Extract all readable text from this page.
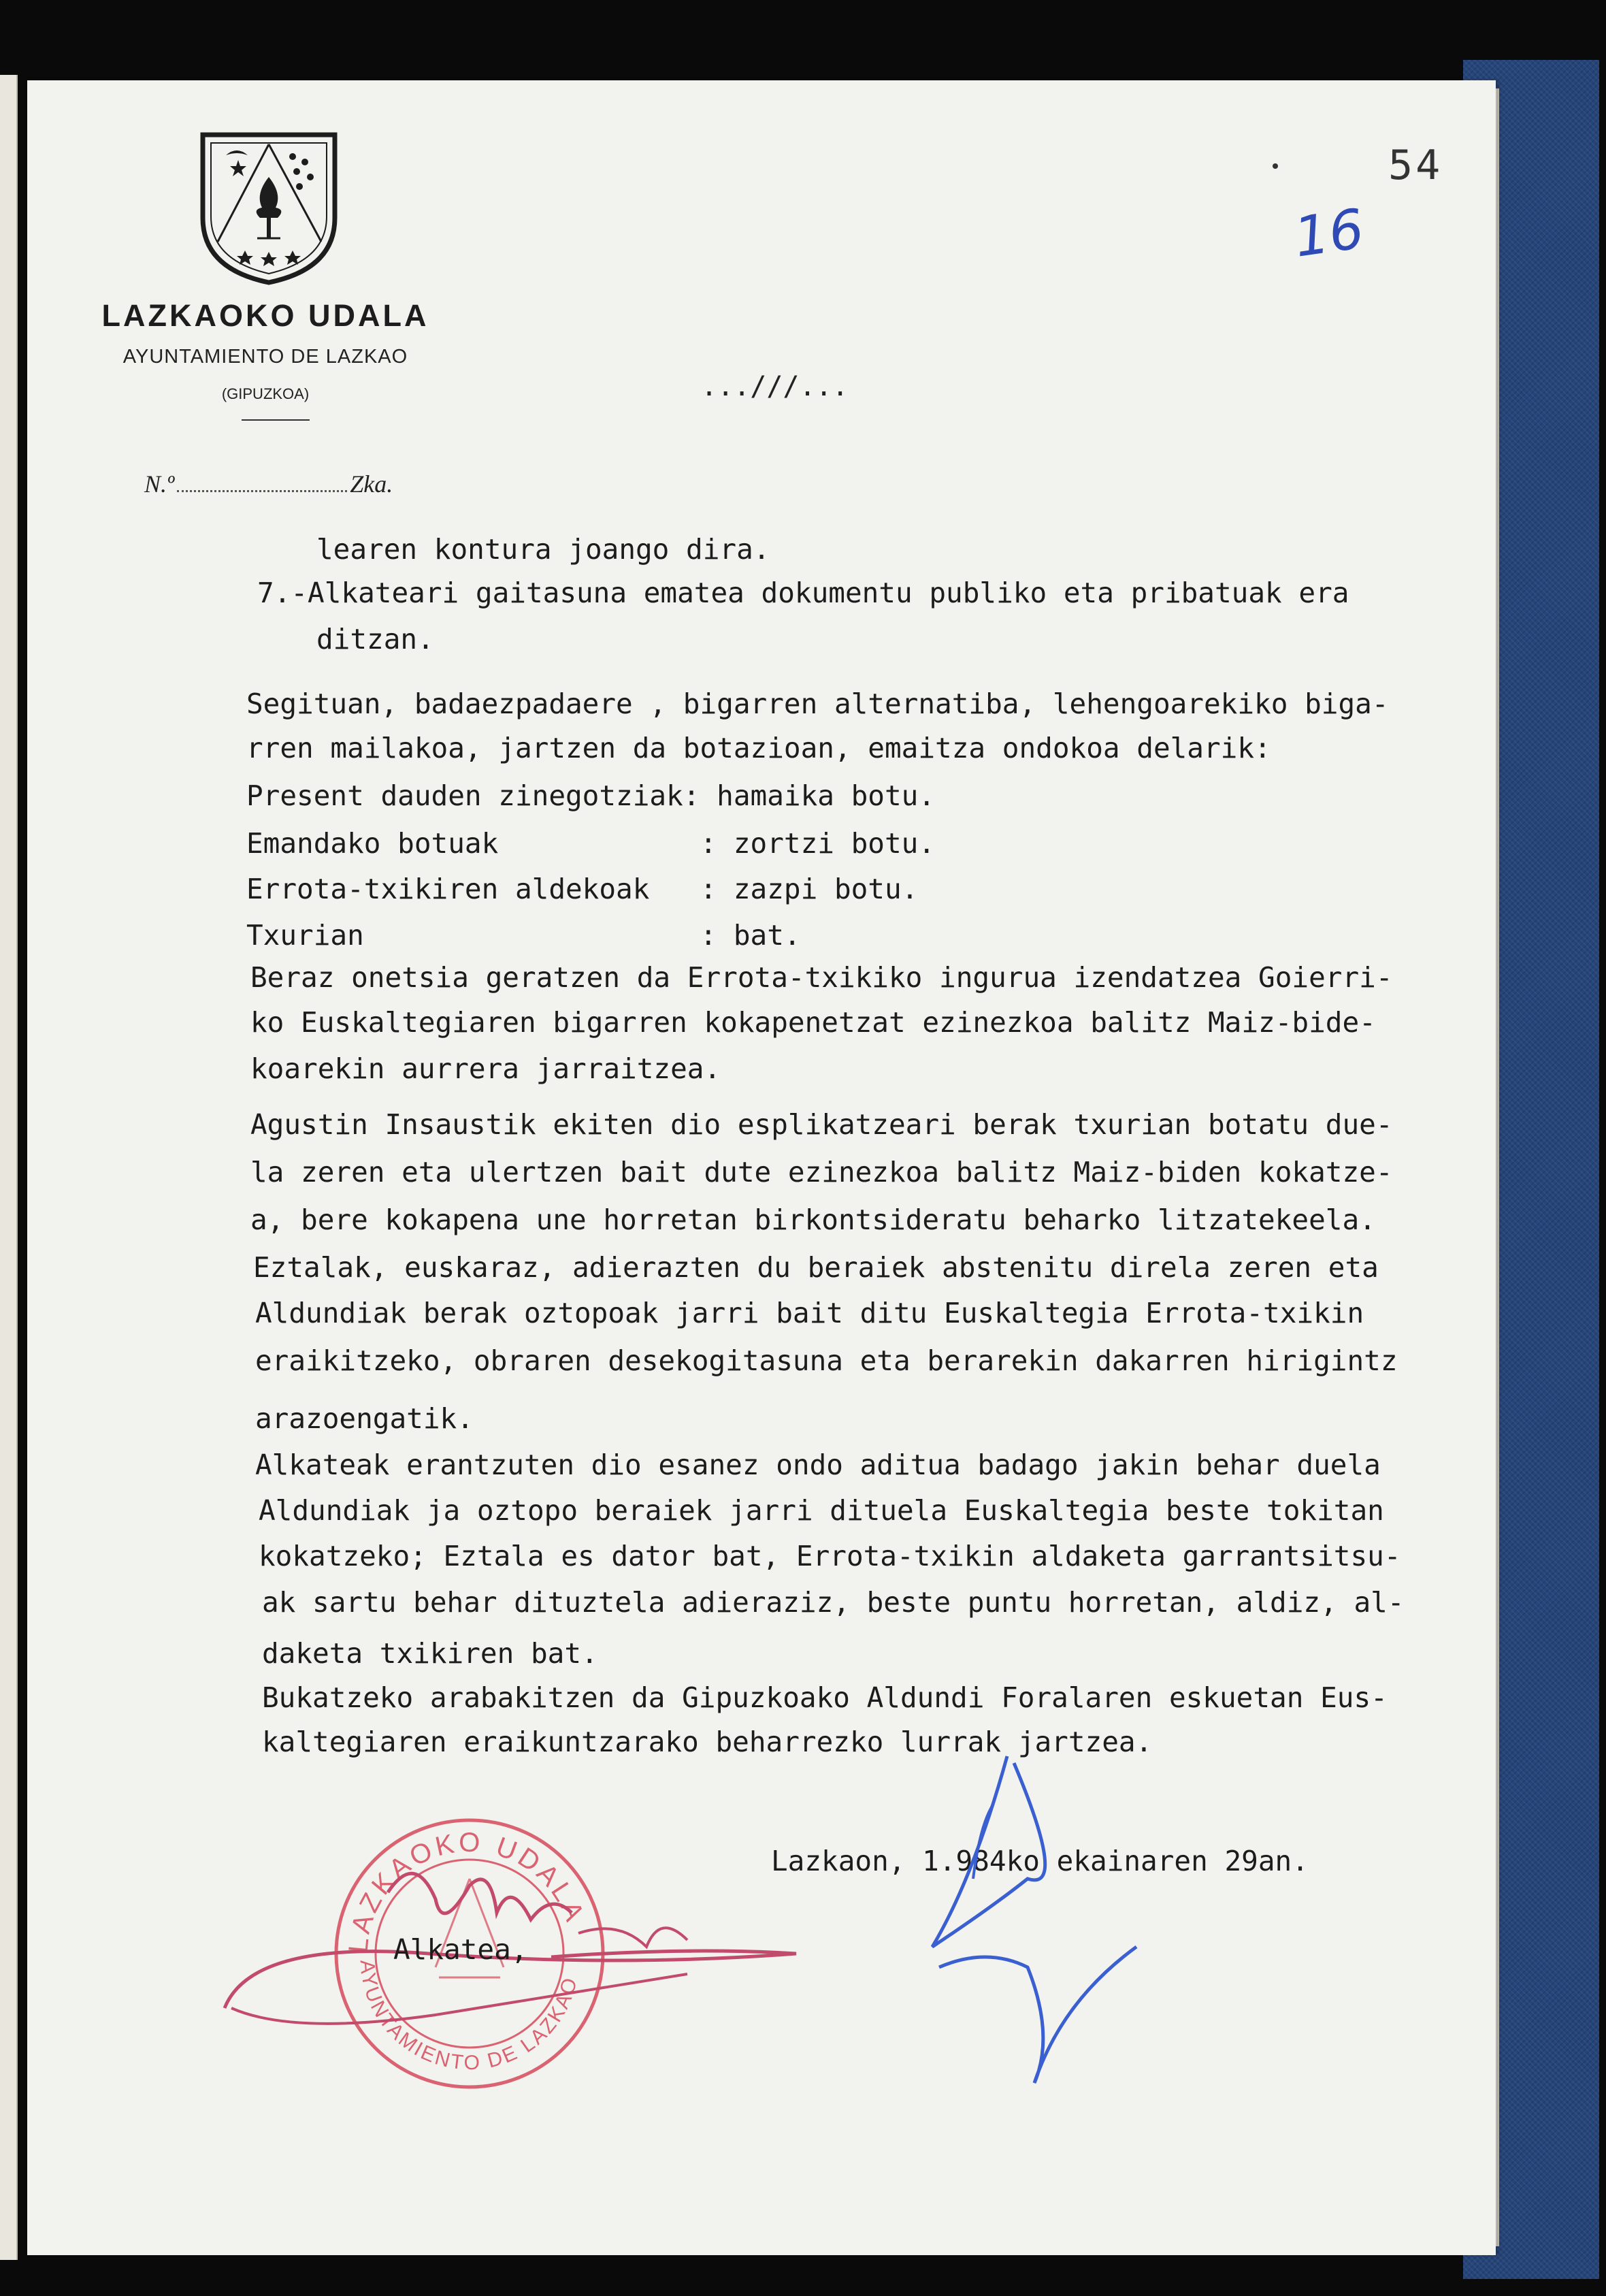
LAZKAOKO UDALA
AYUNTAMIENTO DE LAZKAO
(GIPUZKOA)
N.º	Zka.
...///...
54
16
learen kontura joango dira.
7.-Alkateari gaitasuna ematea dokumentu publiko eta pribatuak era
ditzan.
Segituan, badaezpadaere , bigarren alternatiba, lehengoarekiko biga-
rren mailakoa, jartzen da botazioan, emaitza ondokoa delarik:
Present dauden zinegotziak: hamaika botu.
Emandako botuak            : zortzi botu.
Errota-txikiren aldekoak   : zazpi botu.
Txurian                    : bat.
Beraz onetsia geratzen da Errota-txikiko ingurua izendatzea Goierri-
ko Euskaltegiaren bigarren kokapenetzat ezinezkoa balitz Maiz-bide-
koarekin aurrera jarraitzea.
Agustin Insaustik ekiten dio esplikatzeari berak txurian botatu due-
la zeren eta ulertzen bait dute ezinezkoa balitz Maiz-biden kokatze-
a, bere kokapena une horretan birkontsideratu beharko litzatekeela.
Eztalak, euskaraz, adierazten du beraiek abstenitu direla zeren eta
Aldundiak berak oztopoak jarri bait ditu Euskaltegia Errota-txikin
eraikitzeko, obraren desekogitasuna eta berarekin dakarren hirigintz
arazoengatik.
Alkateak erantzuten dio esanez ondo aditua badago jakin behar duela
Aldundiak ja oztopo beraiek jarri dituela Euskaltegia beste tokitan
kokatzeko; Eztala es dator bat, Errota-txikin aldaketa garrantsitsu-
ak sartu behar dituztela adieraziz, beste puntu horretan, aldiz, al-
daketa txikiren bat.
Bukatzeko arabakitzen da Gipuzkoako Aldundi Foralaren eskuetan Eus-
kaltegiaren eraikuntzarako beharrezko lurrak jartzea.
Lazkaon, 1.984ko ekainaren 29an.
LAZKAOKO UDALA
AYUNTAMIENTO DE LAZKAO
Alkatea,
